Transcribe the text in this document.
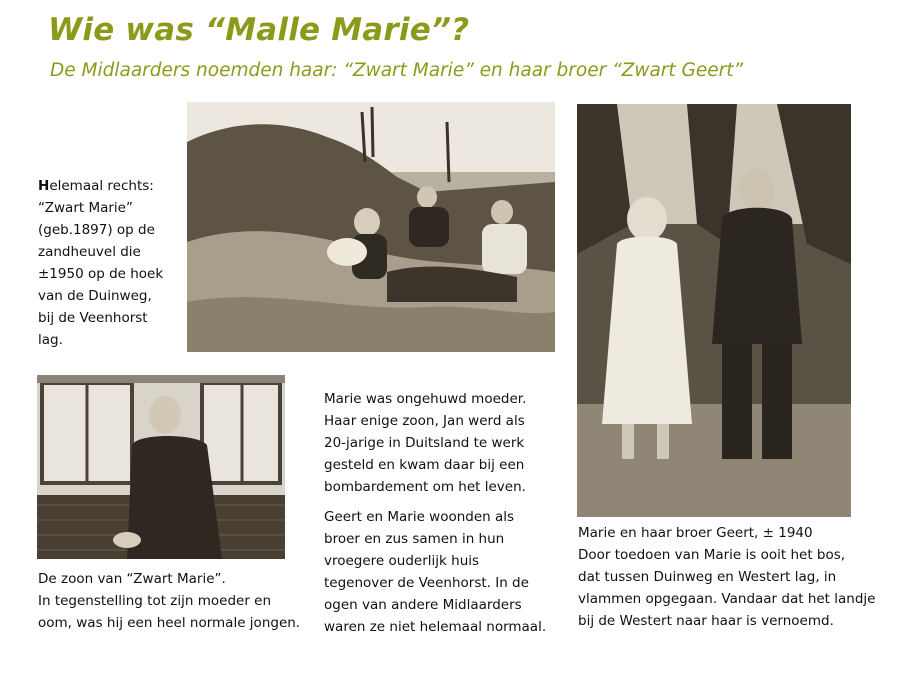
Wie was “Malle Marie”?
De Midlaarders noemden haar: “Zwart Marie” en haar broer “Zwart Geert”
Helemaal rechts:
“Zwart Marie”
(geb.1897) op de
zandheuvel die
±1950 op de hoek
van de Duinweg,
bij de Veenhorst
lag.

Marie was ongehuwd moeder.
Haar enige zoon, Jan werd als
20-jarige in Duitsland te werk
gesteld en kwam daar bij een
bombardement om het leven.

Geert en Marie woonden als
broer en zus samen in hun
vroegere ouderlijk huis
tegenover de Veenhorst. In de
ogen van andere Midlaarders
waren ze niet helemaal normaal.

De zoon van “Zwart Marie”.
In tegenstelling tot zijn moeder en
oom, was hij een heel normale jongen.
Marie en haar broer Geert, ± 1940
Door toedoen van Marie is ooit het bos,
dat tussen Duinweg en Westert lag, in
vlammen opgegaan. Vandaar dat het landje
bij de Westert naar haar is vernoemd.
